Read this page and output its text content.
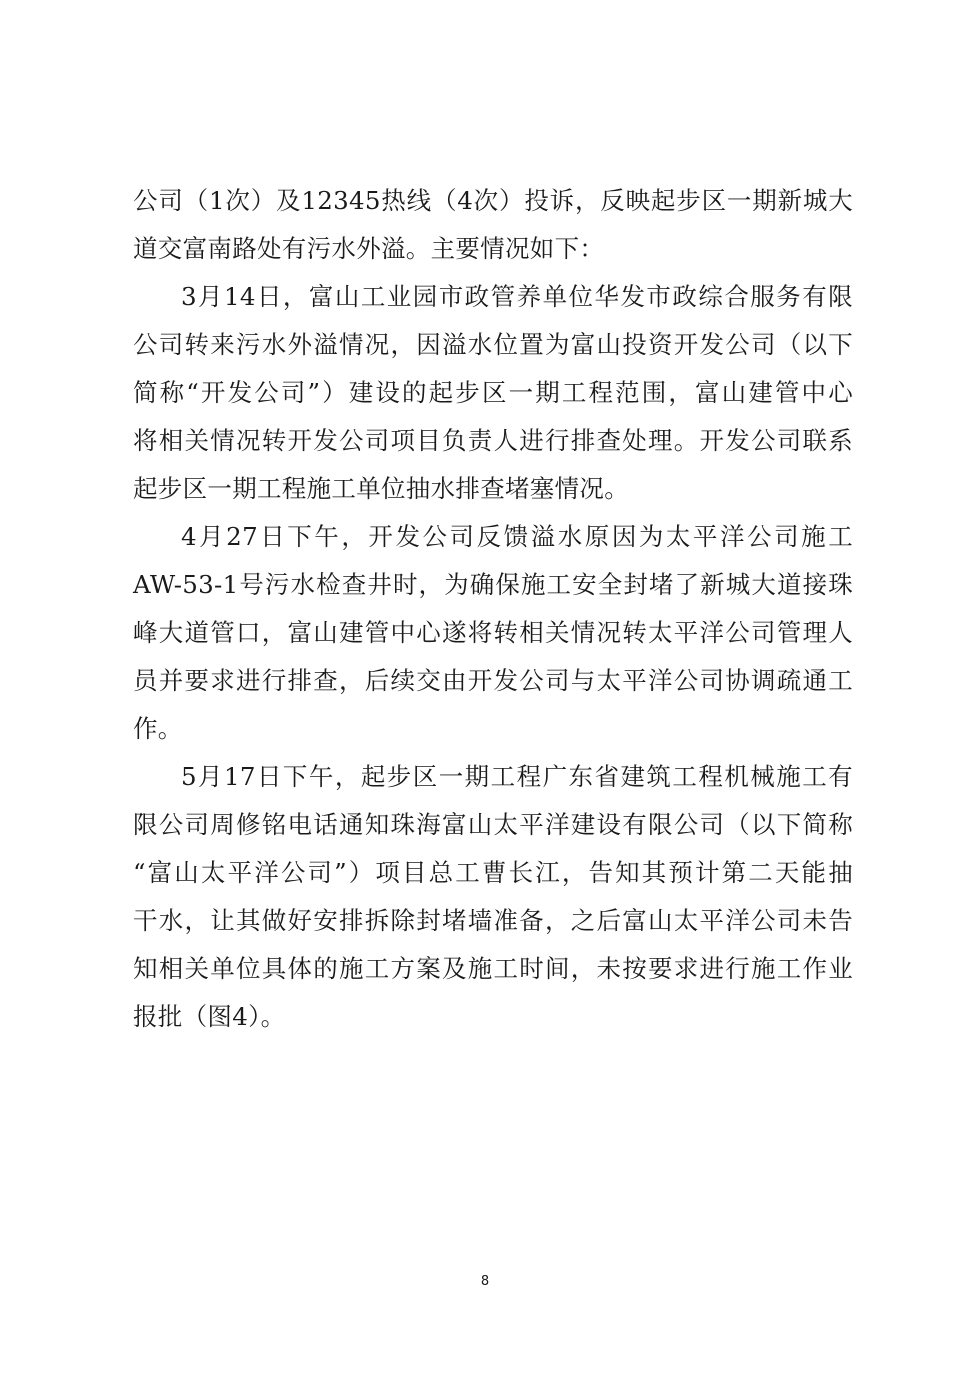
公司（1次）及12345热线（4次）投诉，反映起步区一期新城大
道交富南路处有污水外溢。主要情况如下：
3月14日，富山工业园市政管养单位华发市政综合服务有限
公司转来污水外溢情况，因溢水位置为富山投资开发公司（以下
简称“开发公司”）建设的起步区一期工程范围，富山建管中心
将相关情况转开发公司项目负责人进行排查处理。开发公司联系
起步区一期工程施工单位抽水排查堵塞情况。
4月27日下午，开发公司反馈溢水原因为太平洋公司施工
AW-53-1号污水检查井时，为确保施工安全封堵了新城大道接珠
峰大道管口，富山建管中心遂将转相关情况转太平洋公司管理人
员并要求进行排查，后续交由开发公司与太平洋公司协调疏通工
作。
5月17日下午，起步区一期工程广东省建筑工程机械施工有
限公司周修铭电话通知珠海富山太平洋建设有限公司（以下简称
“富山太平洋公司”）项目总工曹长江，告知其预计第二天能抽
干水，让其做好安排拆除封堵墙准备，之后富山太平洋公司未告
知相关单位具体的施工方案及施工时间，未按要求进行施工作业
报批（图4）。
8
